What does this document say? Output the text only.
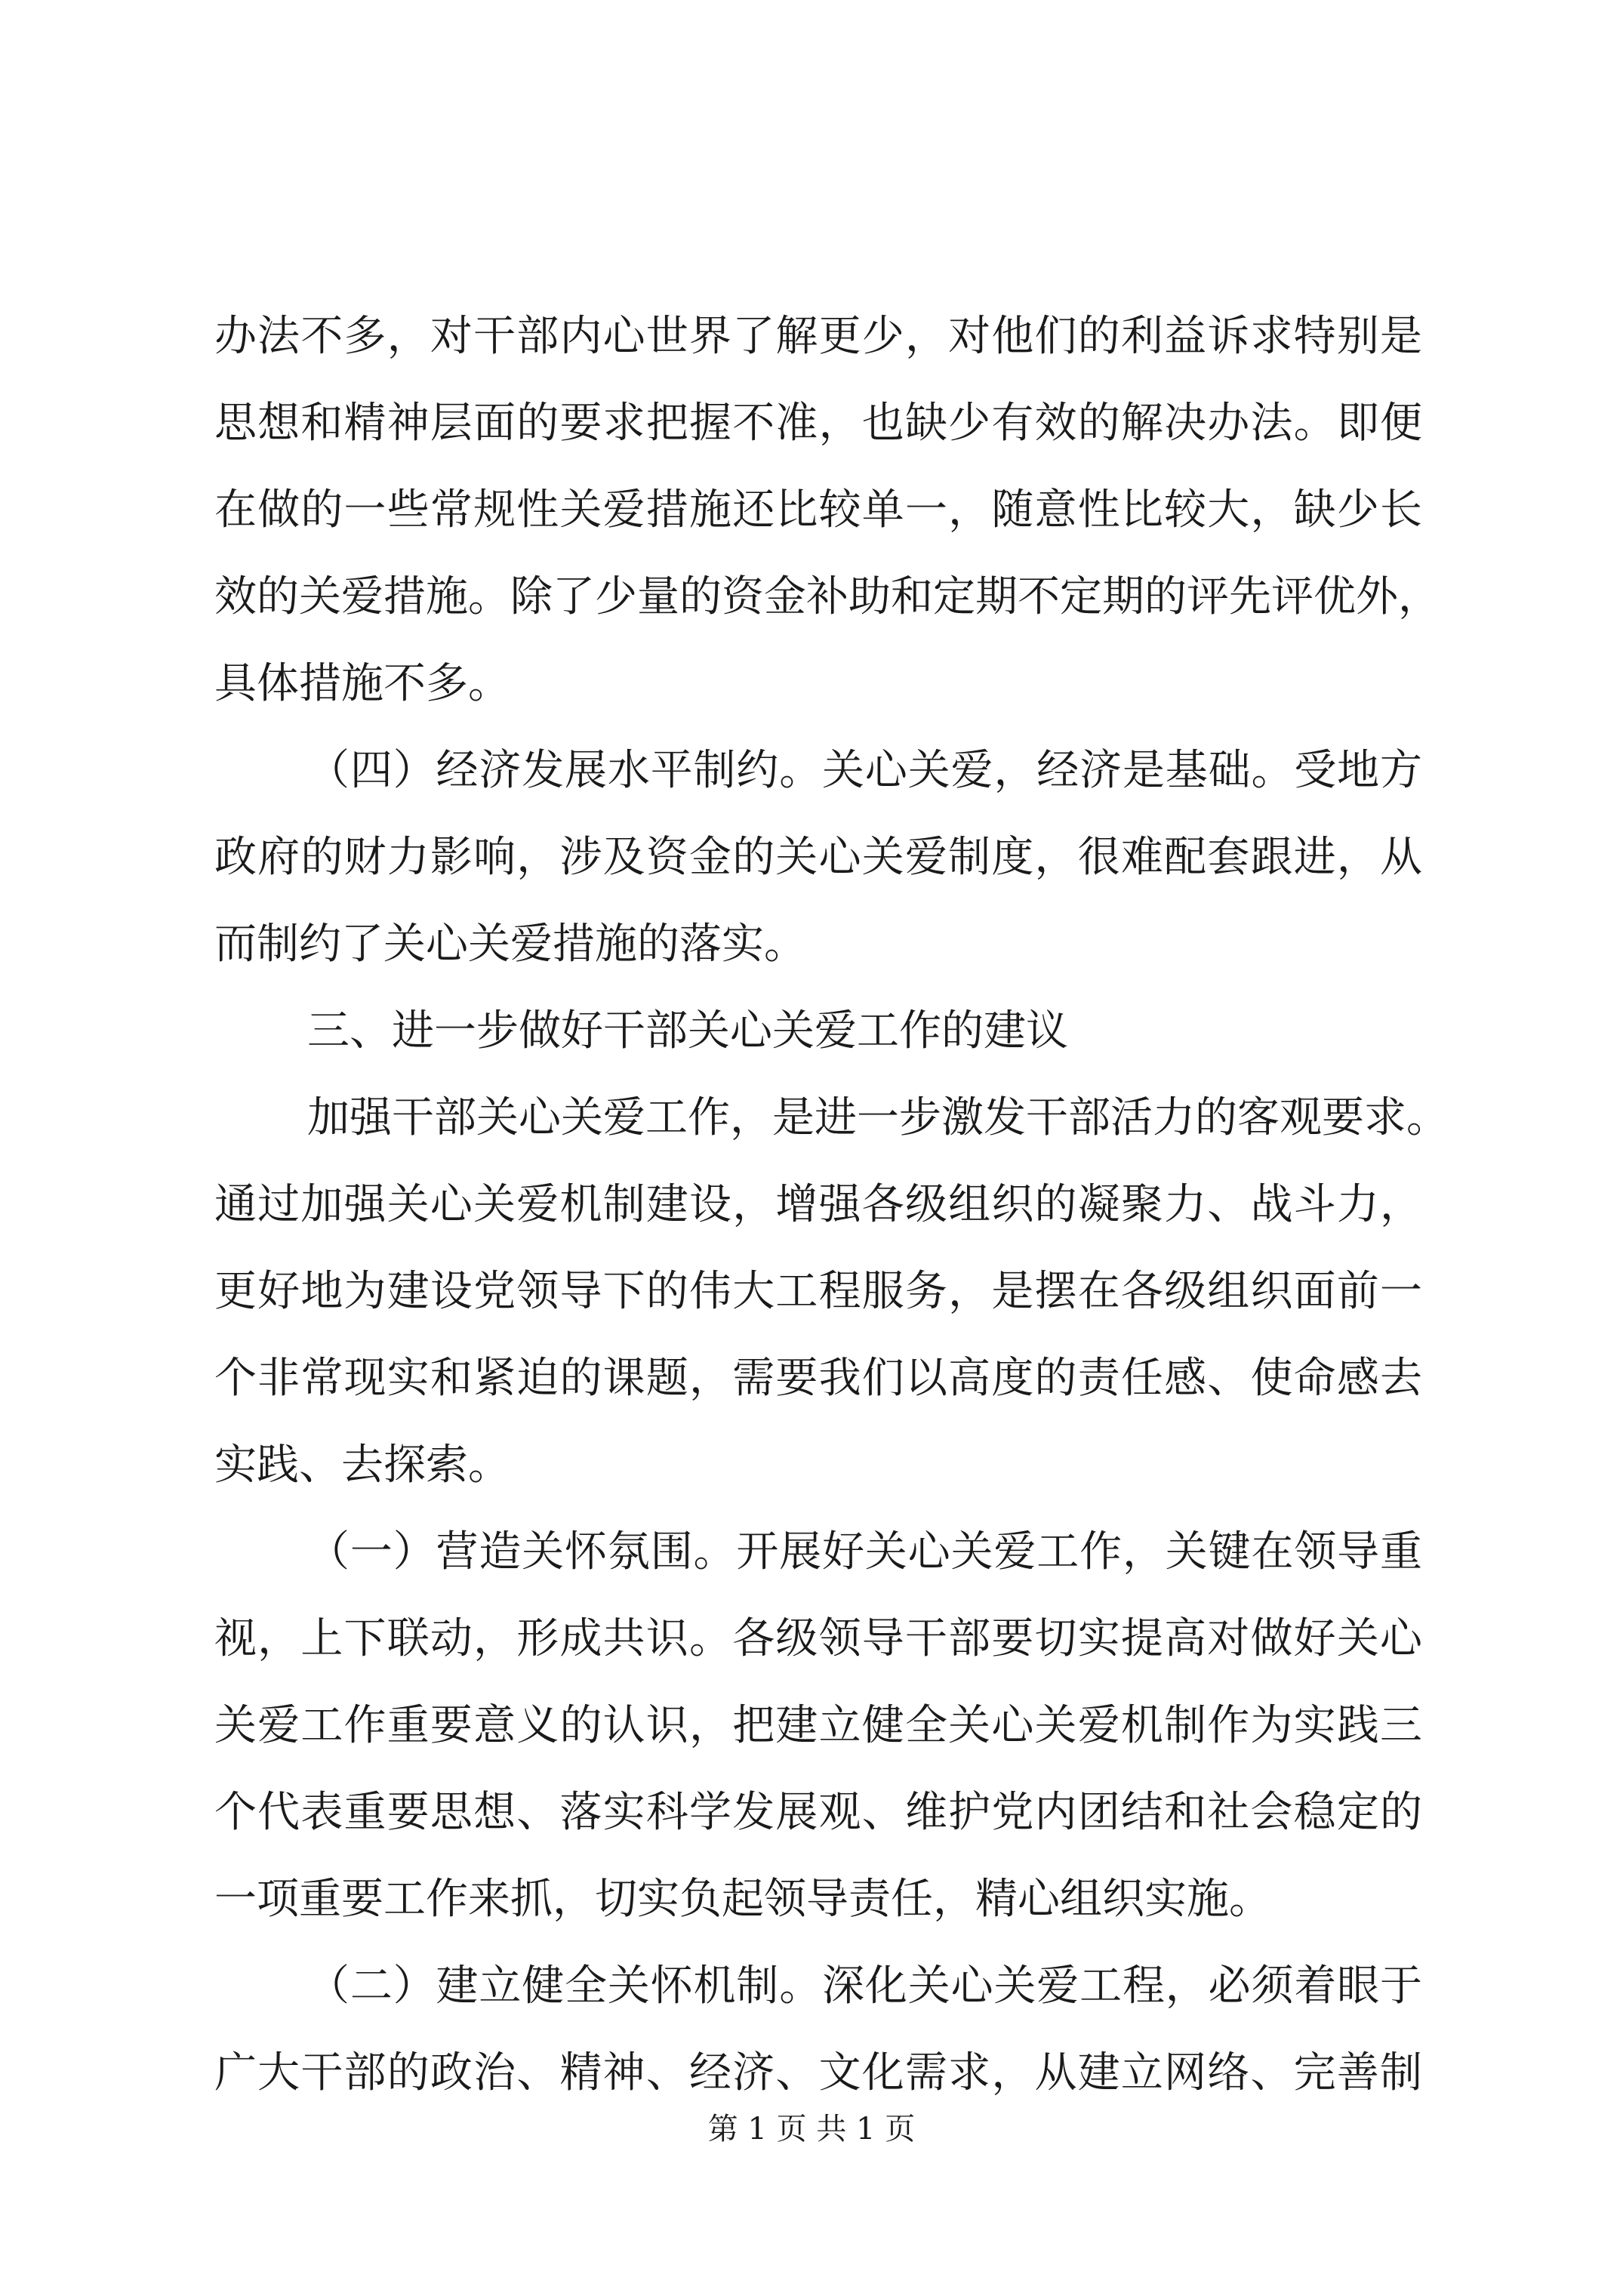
办法不多，对干部内心世界了解更少，对他们的利益诉求特别是
思想和精神层面的要求把握不准，也缺少有效的解决办法。即便
在做的一些常规性关爱措施还比较单一，随意性比较大，缺少长
效的关爱措施。除了少量的资金补助和定期不定期的评先评优外，
具体措施不多。
（四）经济发展水平制约。关心关爱，经济是基础。受地方
政府的财力影响，涉及资金的关心关爱制度，很难配套跟进，从
而制约了关心关爱措施的落实。
三、进一步做好干部关心关爱工作的建议
加强干部关心关爱工作，是进一步激发干部活力的客观要求。
通过加强关心关爱机制建设，增强各级组织的凝聚力、战斗力，
更好地为建设党领导下的伟大工程服务，是摆在各级组织面前一
个非常现实和紧迫的课题，需要我们以高度的责任感、使命感去
实践、去探索。
（一）营造关怀氛围。开展好关心关爱工作，关键在领导重
视，上下联动，形成共识。各级领导干部要切实提高对做好关心
关爱工作重要意义的认识，把建立健全关心关爱机制作为实践三
个代表重要思想、落实科学发展观、维护党内团结和社会稳定的
一项重要工作来抓，切实负起领导责任，精心组织实施。
（二）建立健全关怀机制。深化关心关爱工程，必须着眼于
广大干部的政治、精神、经济、文化需求，从建立网络、完善制
第 1 页 共 1 页
